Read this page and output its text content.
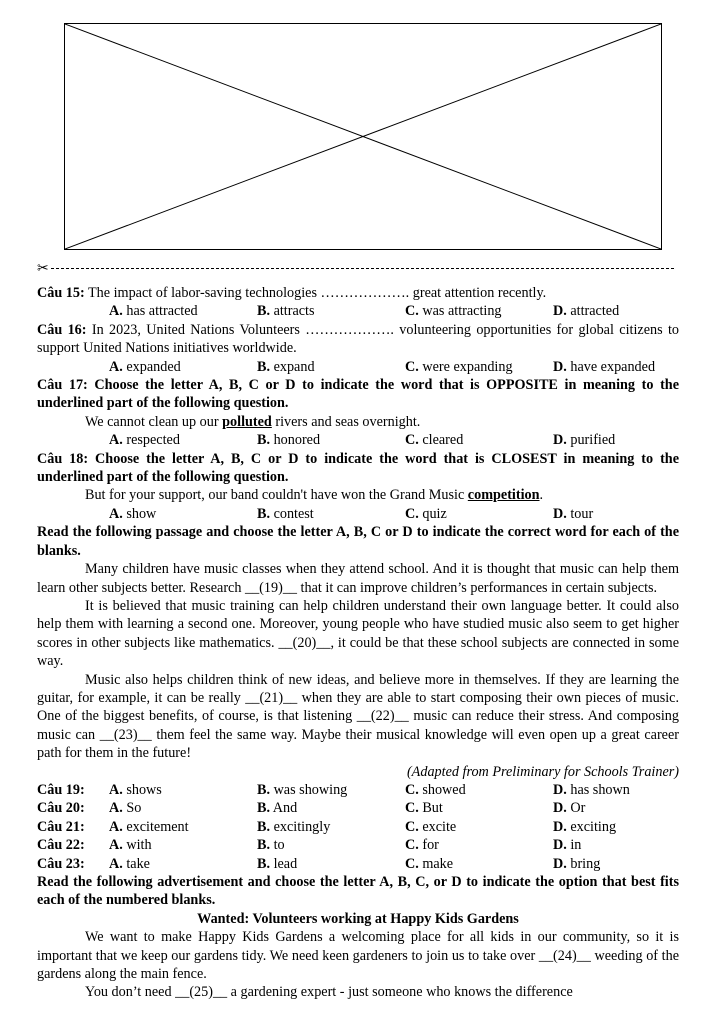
✂

Câu 15: The impact of labor-saving technologies ………………. great attention recently.

A. has attracted	B. attracts	C. was attracting	D. attracted

Câu 16: In 2023, United Nations Volunteers ………………. volunteering opportunities for global citizens to support United Nations initiatives worldwide.

A. expanded	B. expand	C. were expanding	D. have expanded

Câu 17: Choose the letter A, B, C or D to indicate the word that is OPPOSITE in meaning to the underlined part of the following question.

We cannot clean up our polluted rivers and seas overnight.

A. respected	B. honored	C. cleared	D. purified

Câu 18: Choose the letter A, B, C or D to indicate the word that is CLOSEST in meaning to the underlined part of the following question.

But for your support, our band couldn't have won the Grand Music competition.

A. show	B. contest	C. quiz	D. tour

Read the following passage and choose the letter A, B, C or D to indicate the correct word for each of the blanks.

Many children have music classes when they attend school. And it is thought that music can help them learn other subjects better. Research __(19)__ that it can improve children’s performances in certain subjects.

It is believed that music training can help children understand their own language better. It could also help them with learning a second one. Moreover, young people who have studied music also seem to get higher scores in other subjects like mathematics. __(20)__, it could be that these school subjects are connected in some way.

Music also helps children think of new ideas, and believe more in themselves. If they are learning the guitar, for example, it can be really __(21)__ when they are able to start composing their own pieces of music. One of the biggest benefits, of course, is that listening __(22)__ music can reduce their stress. And composing music can __(23)__ them feel the same way. Maybe their musical knowledge will even open up a great career path for them in the future!

(Adapted from Preliminary for Schools Trainer)

Câu 19:	A. shows	B. was showing	C. showed	D. has shown
Câu 20:	A. So	B. And	C. But	D. Or
Câu 21:	A. excitement	B. excitingly	C. excite	D. exciting
Câu 22:	A. with	B. to	C. for	D. in
Câu 23:	A. take	B. lead	C. make	D. bring

Read the following advertisement and choose the letter A, B, C, or D to indicate the option that best fits each of the numbered blanks.

Wanted: Volunteers working at Happy Kids Gardens

We want to make Happy Kids Gardens a welcoming place for all kids in our community, so it is important that we keep our gardens tidy. We need keen gardeners to join us to take over __(24)__ weeding of the gardens along the main fence.

You don’t need __(25)__ a gardening expert - just someone who knows the difference
